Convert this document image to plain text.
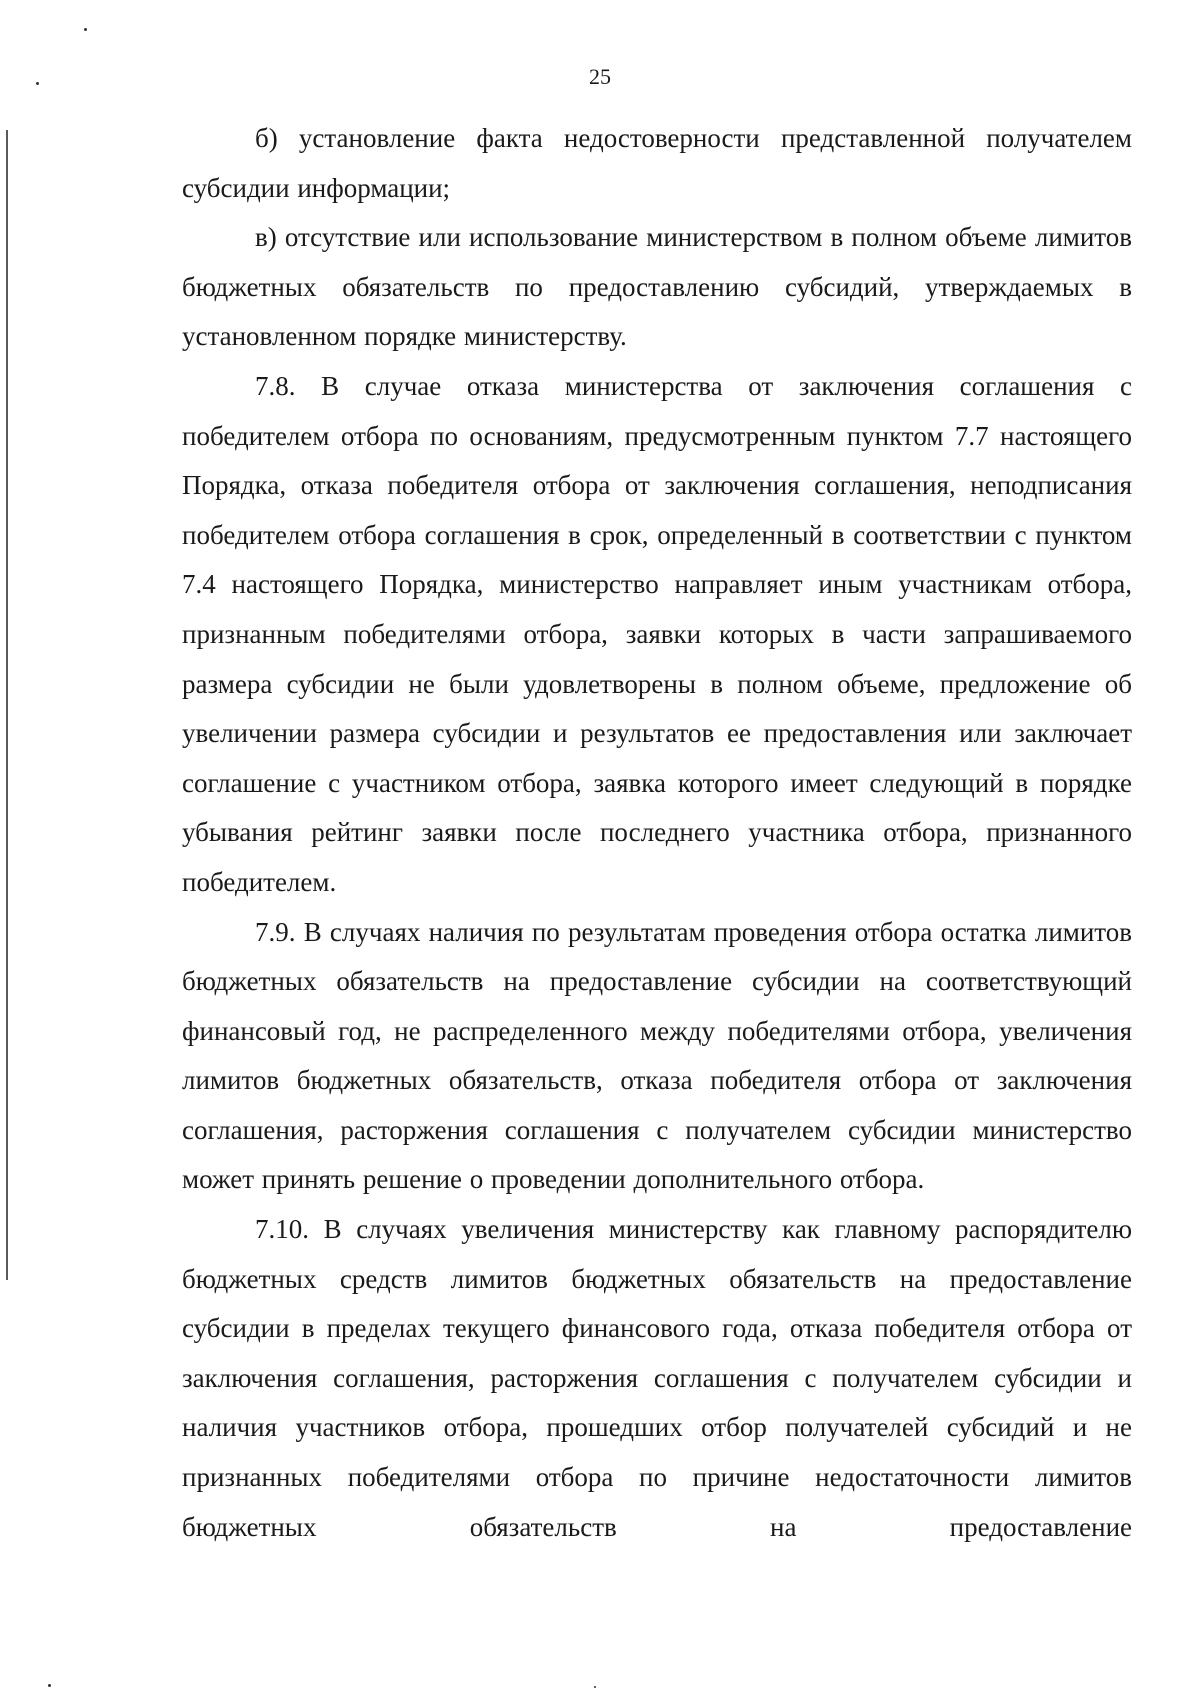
25

б) установление факта недостоверности представленной получателем субсидии информации;

в) отсутствие или использование министерством в полном объеме лимитов бюджетных обязательств по предоставлению субсидий, утверждаемых в установленном порядке министерству.

7.8. В случае отказа министерства от заключения соглашения с победителем отбора по основаниям, предусмотренным пунктом 7.7 настоящего Порядка, отказа победителя отбора от заключения соглашения, неподписания победителем отбора соглашения в срок, определенный в соответствии с пунктом 7.4 настоящего Порядка, министерство направляет иным участникам отбора, признанным победителями отбора, заявки которых в части запрашиваемого размера субсидии не были удовлетворены в полном объеме, предложение об увеличении размера субсидии и результатов ее предоставления или заключает соглашение с участником отбора, заявка которого имеет следующий в порядке убывания рейтинг заявки после последнего участника отбора, признанного победителем.

7.9. В случаях наличия по результатам проведения отбора остатка лимитов бюджетных обязательств на предоставление субсидии на соответствующий финансовый год, не распределенного между победителями отбора, увеличения лимитов бюджетных обязательств, отказа победителя отбора от заключения соглашения, расторжения соглашения с получателем субсидии министерство может принять решение о проведении дополнительного отбора.

7.10. В случаях увеличения министерству как главному распорядителю бюджетных средств лимитов бюджетных обязательств на предоставление субсидии в пределах текущего финансового года, отказа победителя отбора от заключения соглашения, расторжения соглашения с получателем субсидии и наличия участников отбора, прошедших отбор получателей субсидий и не признанных победителями отбора по причине недостаточности лимитов бюджетных обязательств на предоставление
